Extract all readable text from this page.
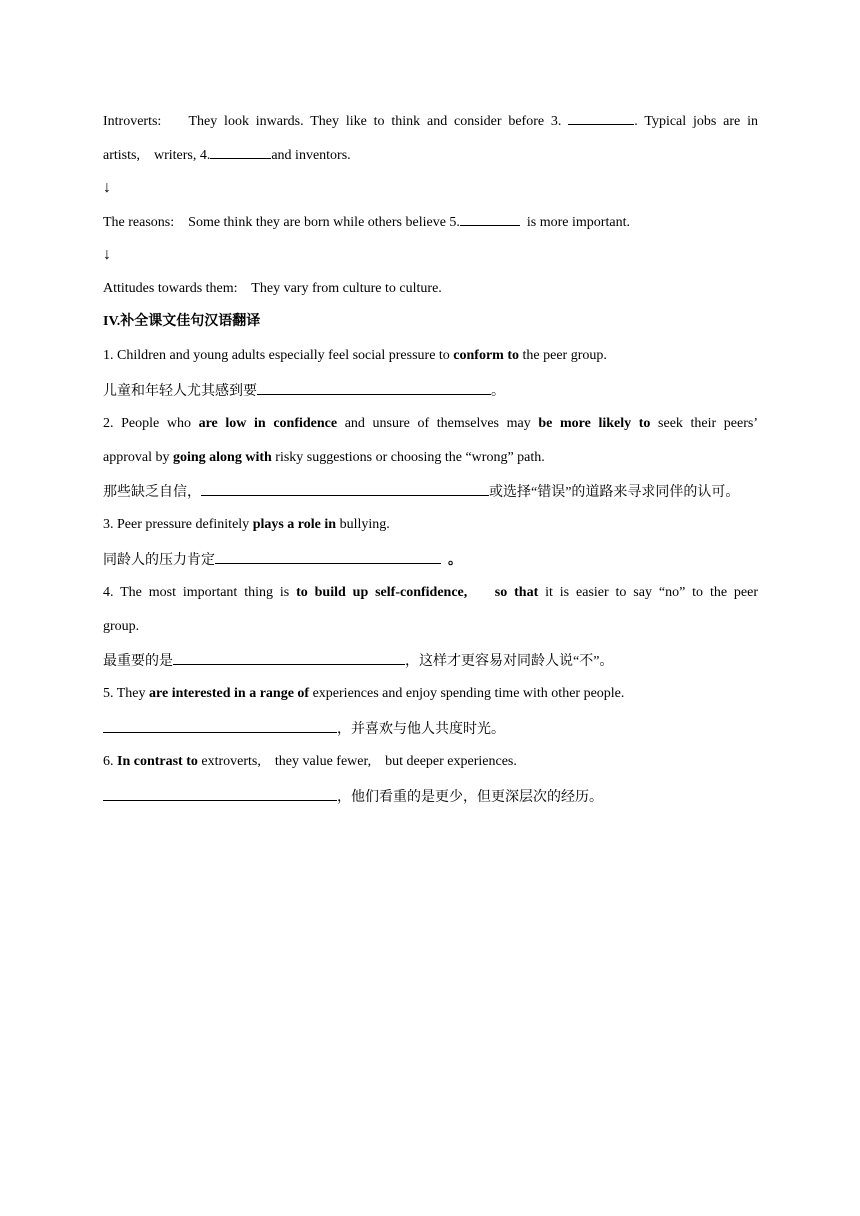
Introverts: They look inwards. They like to think and consider before 3.	. Typical jobs are in
artists, writers, 4.	and inventors.
↓
The reasons: Some think they are born while others believe 5.	is more important.
↓
Attitudes towards them: They vary from culture to culture.
IV.补全课文佳句汉语翻译
1. Children and young adults especially feel social pressure to conform to the peer group.
儿童和年轻人尤其感到要	。
2. People who are low in confidence and unsure of themselves may be more likely to seek their peers’
approval by going along with risky suggestions or choosing the “wrong” path.
那些缺乏自信，	或选择“错误”的道路来寻求同伴的认可。
3. Peer pressure definitely plays a role in bullying.
同龄人的压力肯定	。
4. The most important thing is to build up self-confidence, so that it is easier to say “no” to the peer
group.
最重要的是	，这样才更容易对同龄人说“不”。
5. They are interested in a range of experiences and enjoy spending time with other people.
，并喜欢与他人共度时光。
6. In contrast to extroverts, they value fewer, but deeper experiences.
，他们看重的是更少，但更深层次的经历。
